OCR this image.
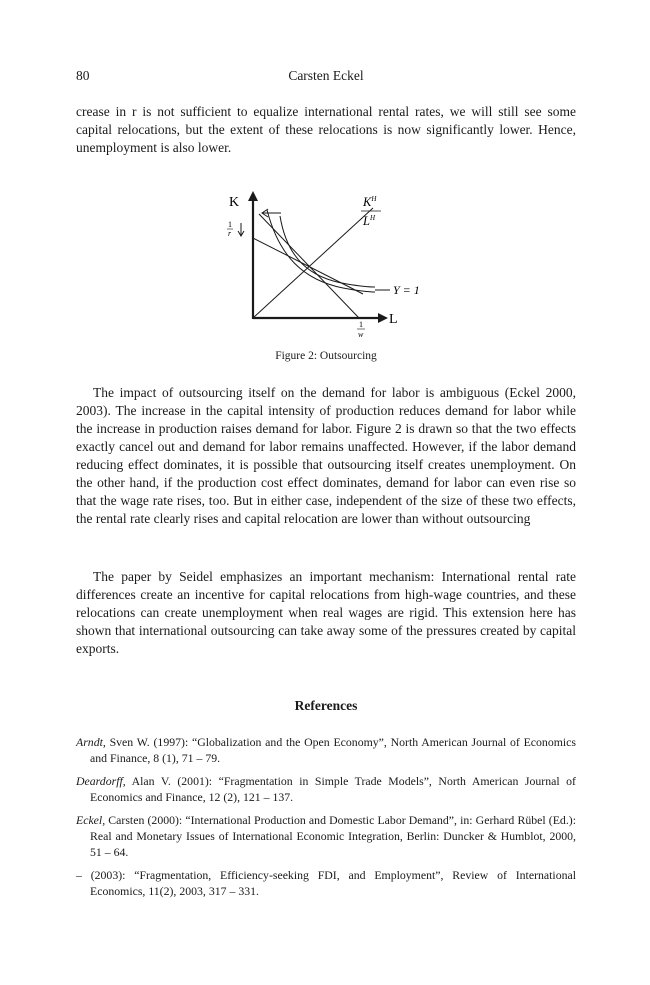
80	Carsten Eckel

crease in r is not sufficient to equalize international rental rates, we will still see some capital relocations, but the extent of these relocations is now significantly lower. Hence, unemployment is also lower.

K
L
1
r
1
w
$K^H$
$L^H$
Y = 1
Figure 2: Outsourcing

The impact of outsourcing itself on the demand for labor is ambiguous (Eckel 2000, 2003). The increase in the capital intensity of production reduces demand for labor while the increase in production raises demand for labor. Figure 2 is drawn so that the two effects exactly cancel out and demand for labor remains unaffected. However, if the labor demand reducing effect dominates, it is possible that outsourcing itself creates unemployment. On the other hand, if the production cost effect dominates, demand for labor can even rise so that the wage rate rises, too. But in either case, independent of the size of these two effects, the rental rate clearly rises and capital relocation are lower than without outsourcing

The paper by Seidel emphasizes an important mechanism: International rental rate differences create an incentive for capital relocations from high-wage countries, and these relocations can create unemployment when real wages are rigid. This extension here has shown that international outsourcing can take away some of the pressures created by capital exports.

References

Arndt, Sven W. (1997): “Globalization and the Open Economy”, North American Journal of Economics and Finance, 8 (1), 71 – 79.

Deardorff, Alan V. (2001): “Fragmentation in Simple Trade Models”, North American Journal of Economics and Finance, 12 (2), 121 – 137.

Eckel, Carsten (2000): “International Production and Domestic Labor Demand”, in: Gerhard Rübel (Ed.): Real and Monetary Issues of International Economic Integration, Berlin: Duncker & Humblot, 2000, 51 – 64.

– (2003): “Fragmentation, Efficiency-seeking FDI, and Employment”, Review of International Economics, 11(2), 2003, 317 – 331.
